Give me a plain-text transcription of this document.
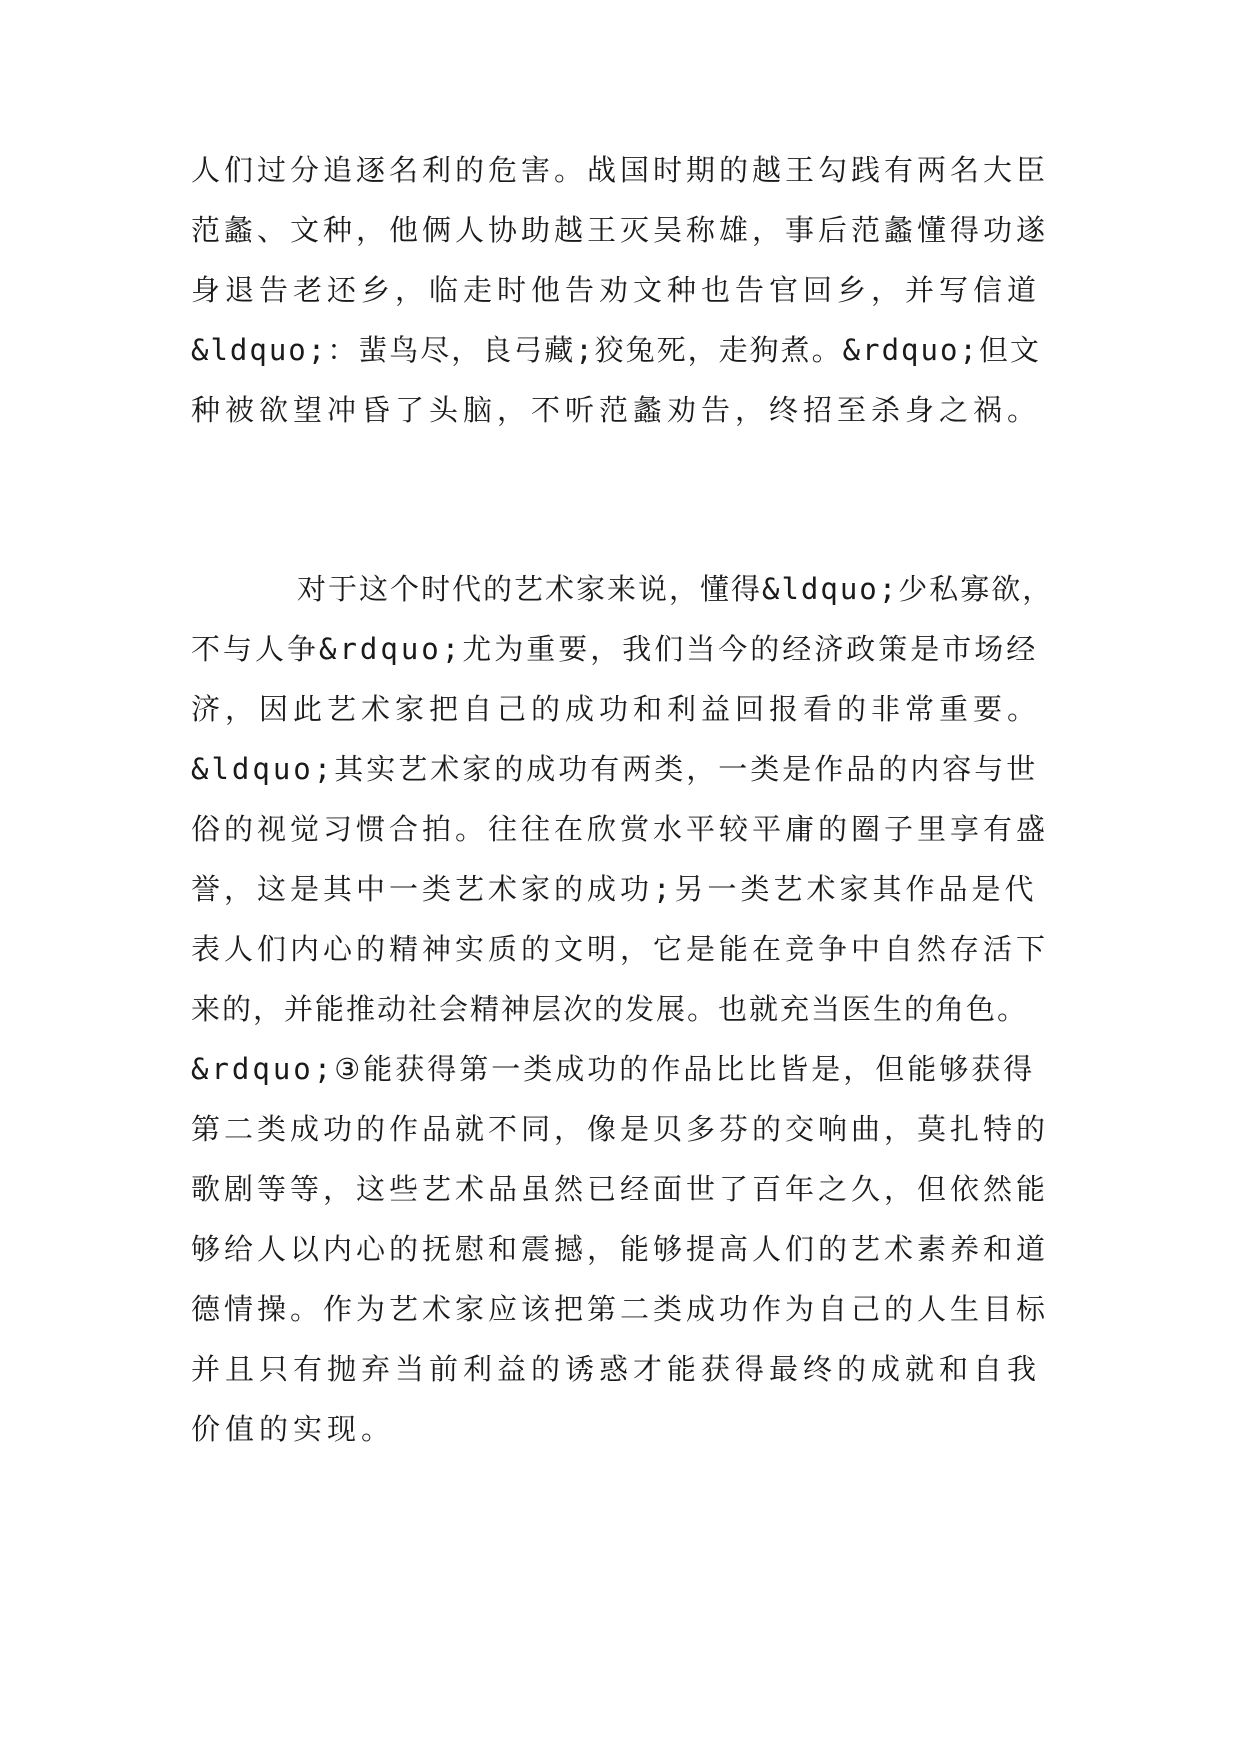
人们过分追逐名利的危害。战国时期的越王勾践有两名大臣
范蠡、文种，他俩人协助越王灭吴称雄，事后范蠡懂得功遂
身退告老还乡，临走时他告劝文种也告官回乡，并写信道
&ldquo;：蜚鸟尽，良弓藏;狡兔死，走狗煮。&rdquo;但文
种被欲望冲昏了头脑，不听范蠡劝告，终招至杀身之祸。
对于这个时代的艺术家来说，懂得&ldquo;少私寡欲，
不与人争&rdquo;尤为重要，我们当今的经济政策是市场经
济，因此艺术家把自己的成功和利益回报看的非常重要。
&ldquo;其实艺术家的成功有两类，一类是作品的内容与世
俗的视觉习惯合拍。往往在欣赏水平较平庸的圈子里享有盛
誉，这是其中一类艺术家的成功;另一类艺术家其作品是代
表人们内心的精神实质的文明，它是能在竞争中自然存活下
来的，并能推动社会精神层次的发展。也就充当医生的角色。
&rdquo;③能获得第一类成功的作品比比皆是，但能够获得
第二类成功的作品就不同，像是贝多芬的交响曲，莫扎特的
歌剧等等，这些艺术品虽然已经面世了百年之久，但依然能
够给人以内心的抚慰和震撼，能够提高人们的艺术素养和道
德情操。作为艺术家应该把第二类成功作为自己的人生目标
并且只有抛弃当前利益的诱惑才能获得最终的成就和自我
价值的实现。
